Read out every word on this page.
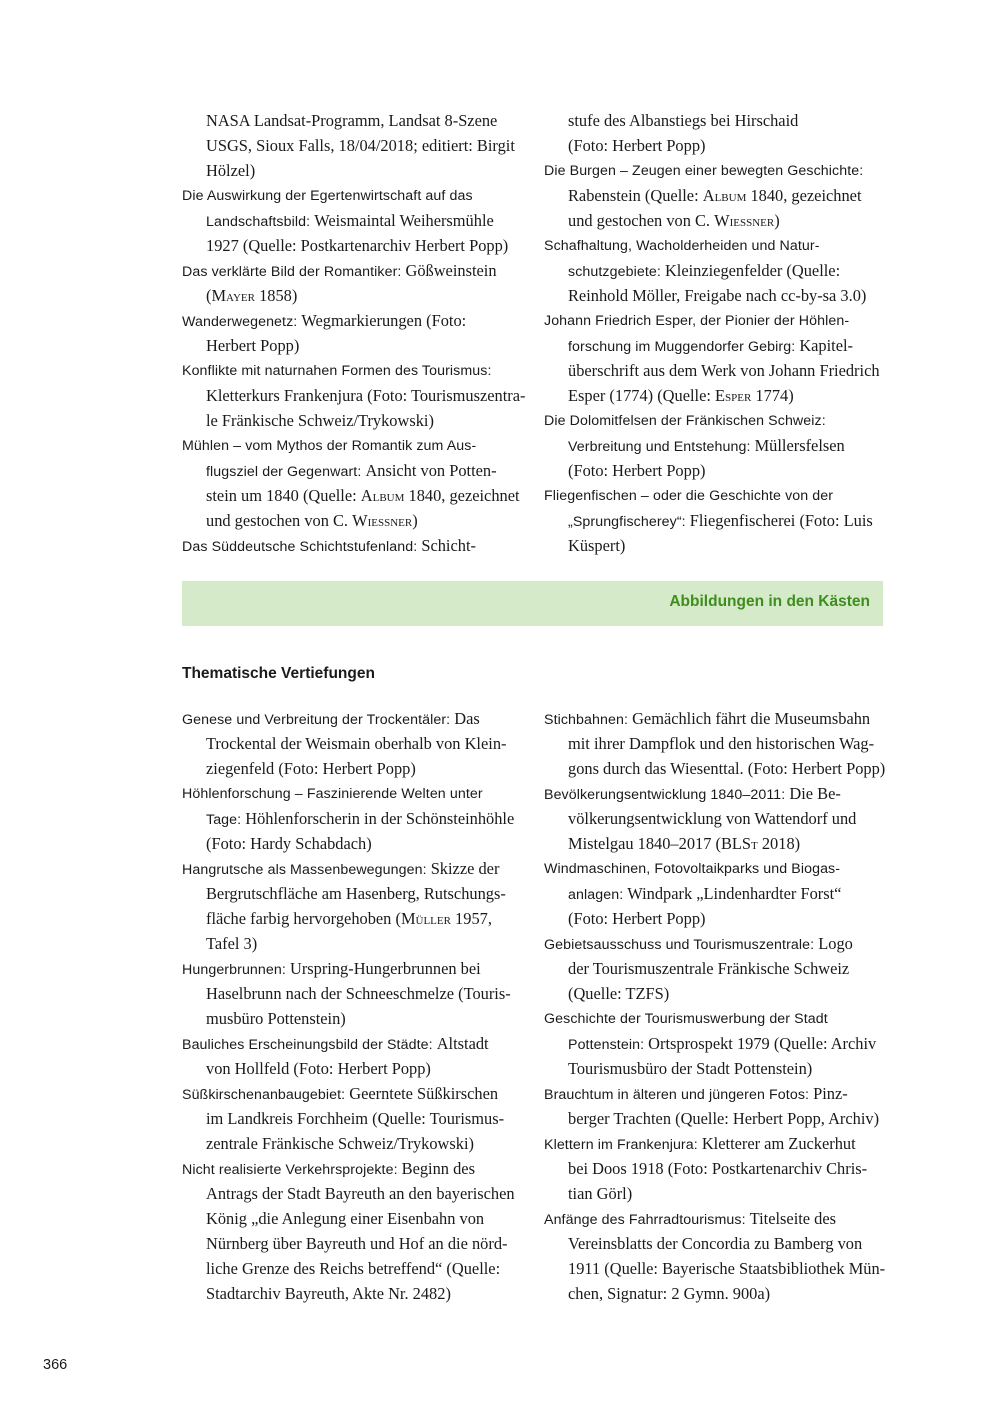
NASA Landsat-Programm, Landsat 8-Szene
USGS, Sioux Falls, 18/04/2018; editiert: Birgit
Hölzel)
Die Auswirkung der Egertenwirtschaft auf das
Landschaftsbild: Weismaintal Weihersmühle
1927 (Quelle: Postkartenarchiv Herbert Popp)
Das verklärte Bild der Romantiker: Gößweinstein
(Mayer 1858)
Wanderwegenetz: Wegmarkierungen (Foto:
Herbert Popp)
Konflikte mit naturnahen Formen des Tourismus:
Kletterkurs Frankenjura (Foto: Tourismuszentra-
le Fränkische Schweiz/Trykowski)
Mühlen – vom Mythos der Romantik zum Aus-
flugsziel der Gegenwart: Ansicht von Potten-
stein um 1840 (Quelle: Album 1840, gezeichnet
und gestochen von C. Wiessner)
Das Süddeutsche Schichtstufenland: Schicht-
stufe des Albanstiegs bei Hirschaid
(Foto: Herbert Popp)
Die Burgen – Zeugen einer bewegten Geschichte:
Rabenstein (Quelle: Album 1840, gezeichnet
und gestochen von C. Wiessner)
Schafhaltung, Wacholderheiden und Natur-
schutzgebiete: Kleinziegenfelder (Quelle:
Reinhold Möller, Freigabe nach cc-by-sa 3.0)
Johann Friedrich Esper, der Pionier der Höhlen-
forschung im Muggendorfer Gebirg: Kapitel-
überschrift aus dem Werk von Johann Friedrich
Esper (1774) (Quelle: Esper 1774)
Die Dolomitfelsen der Fränkischen Schweiz:
Verbreitung und Entstehung: Müllersfelsen
(Foto: Herbert Popp)
Fliegenfischen – oder die Geschichte von der
„Sprungfischerey“: Fliegenfischerei (Foto: Luis
Küspert)
Abbildungen in den Kästen
Thematische Vertiefungen
Genese und Verbreitung der Trockentäler: Das
Trockental der Weismain oberhalb von Klein-
ziegenfeld (Foto: Herbert Popp)
Höhlenforschung – Faszinierende Welten unter
Tage: Höhlenforscherin in der Schönsteinhöhle
(Foto: Hardy Schabdach)
Hangrutsche als Massenbewegungen: Skizze der
Bergrutschfläche am Hasenberg, Rutschungs-
fläche farbig hervorgehoben (Müller 1957,
Tafel 3)
Hungerbrunnen: Urspring-Hungerbrunnen bei
Haselbrunn nach der Schneeschmelze (Touris-
musbüro Pottenstein)
Bauliches Erscheinungsbild der Städte: Altstadt
von Hollfeld (Foto: Herbert Popp)
Süßkirschenanbaugebiet: Geerntete Süßkirschen
im Landkreis Forchheim (Quelle: Tourismus-
zentrale Fränkische Schweiz/Trykowski)
Nicht realisierte Verkehrsprojekte: Beginn des
Antrags der Stadt Bayreuth an den bayerischen
König „die Anlegung einer Eisenbahn von
Nürnberg über Bayreuth und Hof an die nörd-
liche Grenze des Reichs betreffend“ (Quelle:
Stadtarchiv Bayreuth, Akte Nr. 2482)
Stichbahnen: Gemächlich fährt die Museumsbahn
mit ihrer Dampflok und den historischen Wag-
gons durch das Wiesenttal. (Foto: Herbert Popp)
Bevölkerungsentwicklung 1840–2011: Die Be-
völkerungsentwicklung von Wattendorf und
Mistelgau 1840–2017 (BLSt 2018)
Windmaschinen, Fotovoltaikparks und Biogas-
anlagen: Windpark „Lindenhardter Forst“
(Foto: Herbert Popp)
Gebietsausschuss und Tourismuszentrale: Logo
der Tourismuszentrale Fränkische Schweiz
(Quelle: TZFS)
Geschichte der Tourismuswerbung der Stadt
Pottenstein: Ortsprospekt 1979 (Quelle: Archiv
Tourismusbüro der Stadt Pottenstein)
Brauchtum in älteren und jüngeren Fotos: Pinz-
berger Trachten (Quelle: Herbert Popp, Archiv)
Klettern im Frankenjura: Kletterer am Zuckerhut
bei Doos 1918 (Foto: Postkartenarchiv Chris-
tian Görl)
Anfänge des Fahrradtourismus: Titelseite des
Vereinsblatts der Concordia zu Bamberg von
1911 (Quelle: Bayerische Staatsbibliothek Mün-
chen, Signatur: 2 Gymn. 900a)
366
